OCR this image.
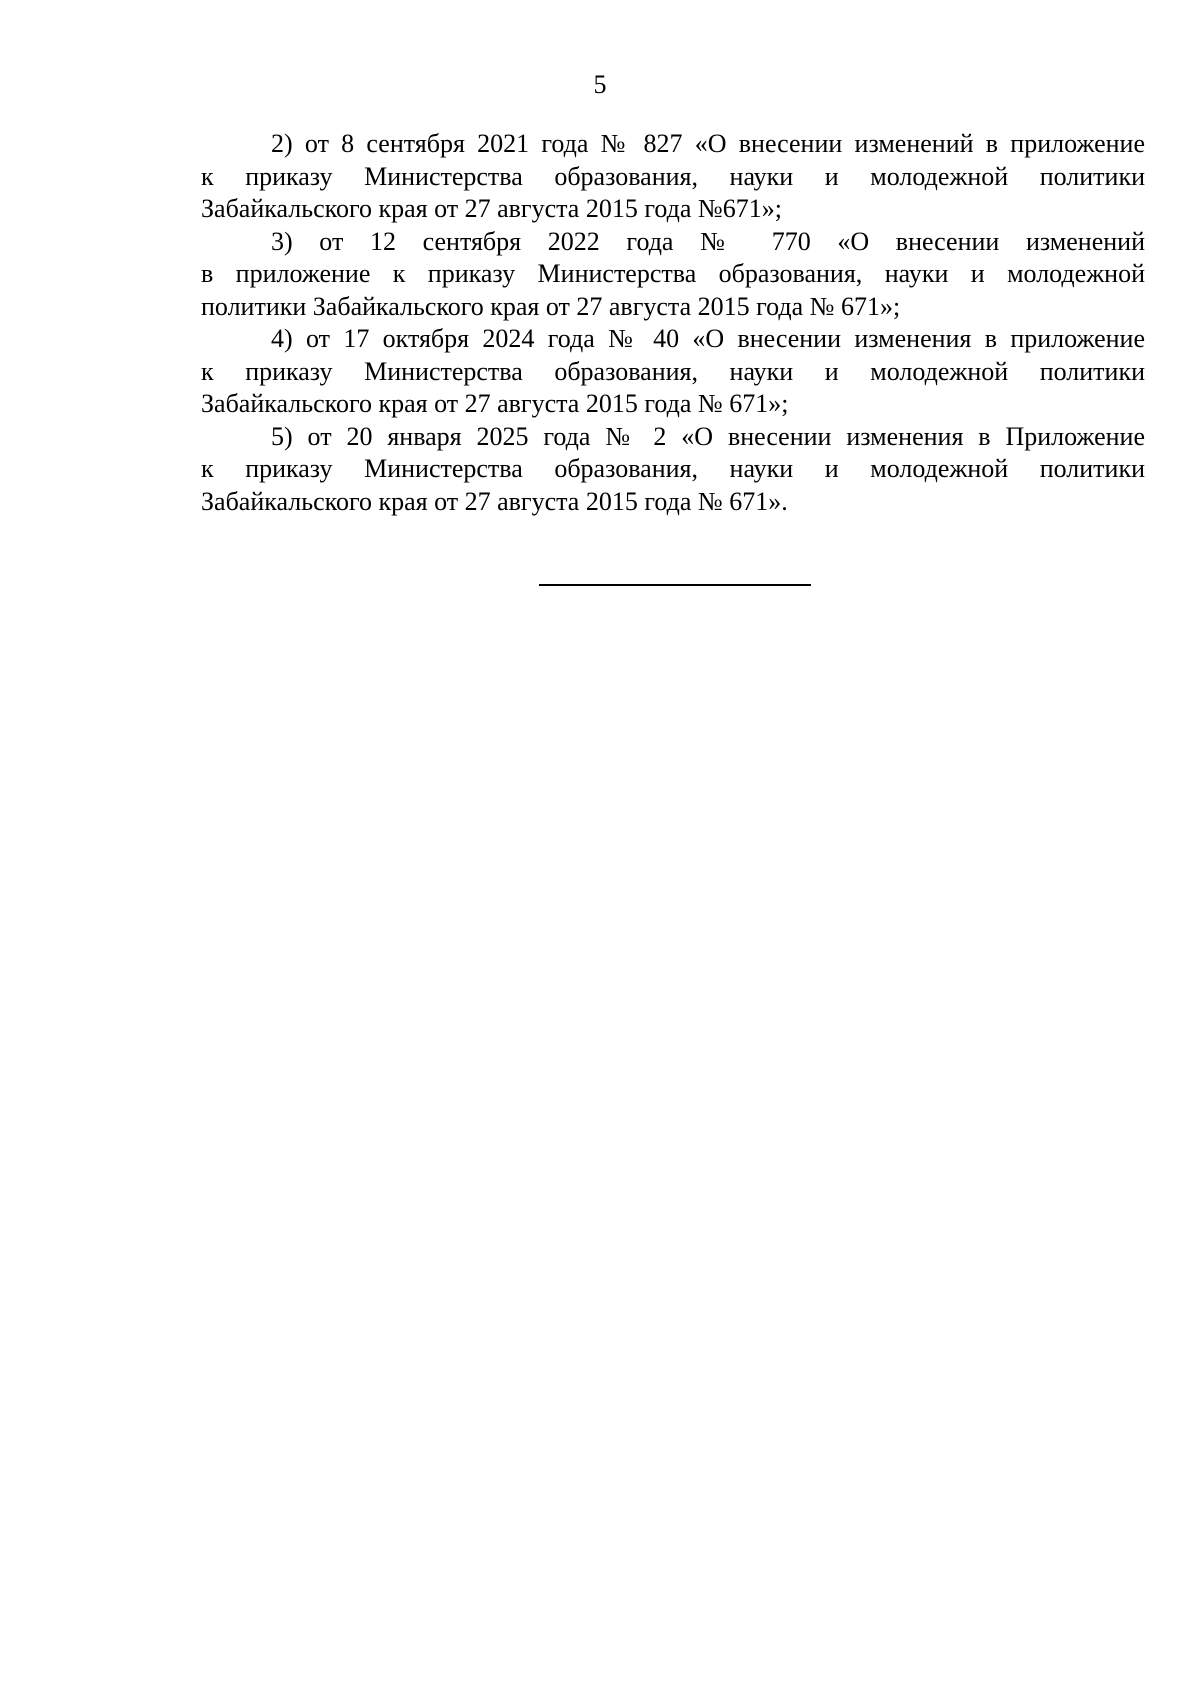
5

2) от 8 сентября 2021 года № 827 «О внесении изменений в приложение
к приказу Министерства образования, науки и молодежной политики
Забайкальского края от 27 августа 2015 года №671»;

3) от 12 сентября 2022 года № 770 «О внесении изменений
в приложение к приказу Министерства образования, науки и молодежной
политики Забайкальского края от 27 августа 2015 года № 671»;

4) от 17 октября 2024 года № 40 «О внесении изменения в приложение
к приказу Министерства образования, науки и молодежной политики
Забайкальского края от 27 августа 2015 года № 671»;

5) от 20 января 2025 года № 2 «О внесении изменения в Приложение
к приказу Министерства образования, науки и молодежной политики
Забайкальского края от 27 августа 2015 года № 671».
